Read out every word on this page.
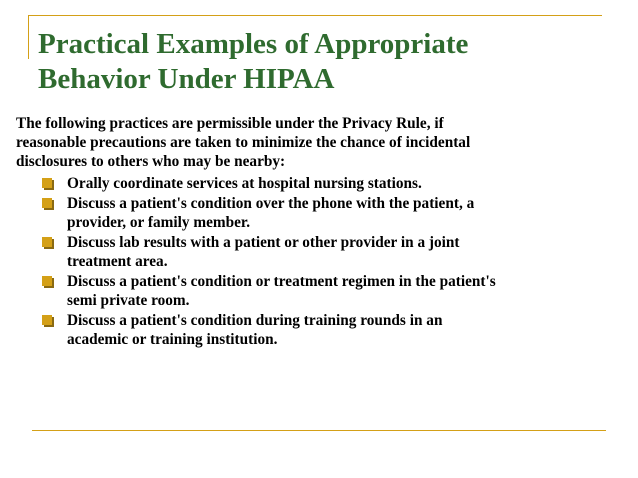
Practical Examples of Appropriate
Behavior Under HIPAA

The following practices are permissible under the Privacy Rule, if
reasonable precautions are taken to minimize the chance of incidental
disclosures to others who may be nearby:

Orally coordinate services at hospital nursing stations.
Discuss a patient's condition over the phone with the patient, a
provider, or family member.
Discuss lab results with a patient or other provider in a joint
treatment area.
Discuss a patient's condition or treatment regimen in the patient's
semi private room.
Discuss a patient's condition during training rounds in an
academic or training institution.
